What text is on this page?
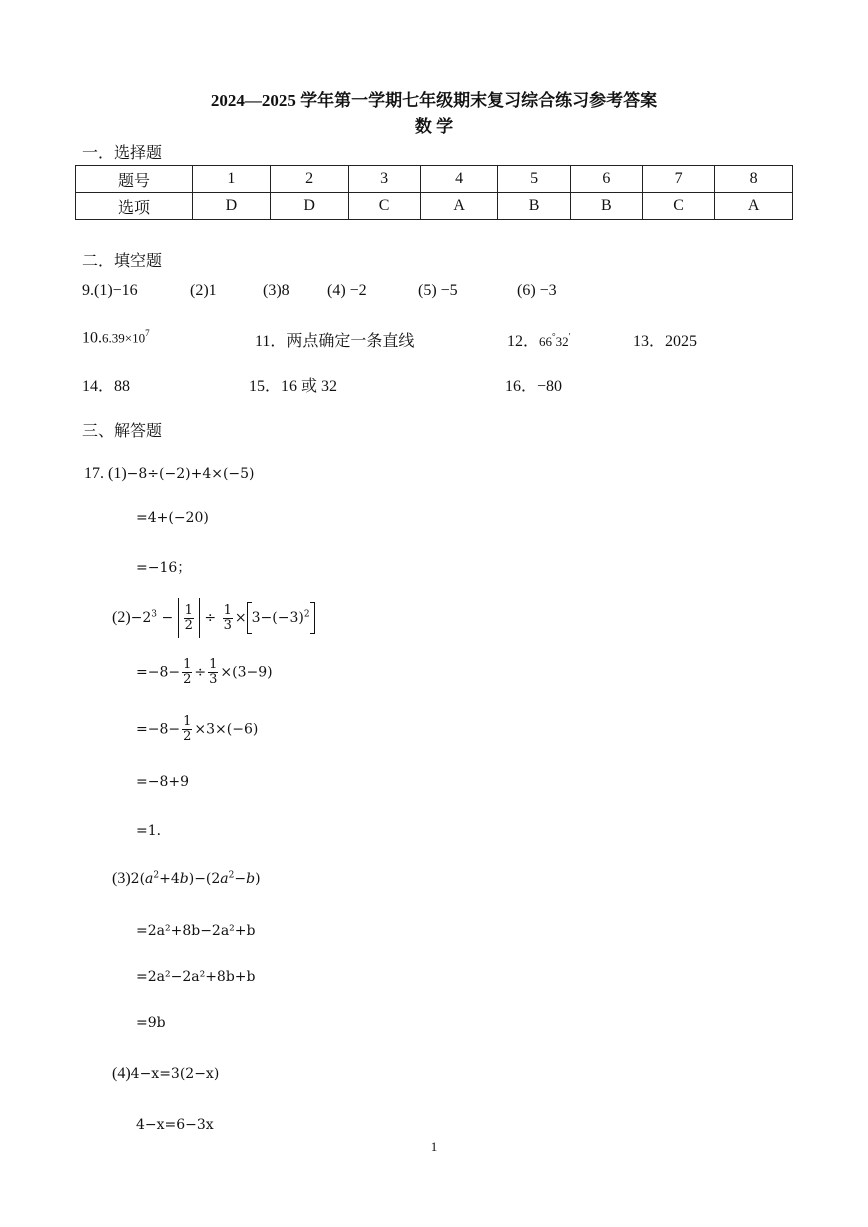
2024—2025 学年第一学期七年级期末复习综合练习参考答案
数 学
一．选择题
题号	1	2	3	4	5	6	7	8
选项	D	D	C	A	B	B	C	A
二．填空题
9.(1)−16	(2)1	(3)8 (4) −2	(5) −5	(6) −3
$10.6.39\times 10^7$	11．两点确定一条直线	12．66°32′	13．2025
14．88	15．16 或 32	16．−80
三、解答题
17. (1)−8÷(−2)+4×(−5)
=4+(−20)
=−16；
$(2)-2^3 - \frac{1}{2} \div \frac{1}{3} \times 3-(-3)^2$
$=-8- \frac{1}{2} \div \frac{1}{3} \times(3-9)$
$=-8- \frac{1}{2} \times 3\times(-6)$
=−8+9
=1．
$(3)2(a^2+4b)-(2a^2-b)$
=2a²+8b−2a²+b
=2a²−2a²+8b+b
=9b
(4)4−x=3(2−x)
4−x=6−3x
1
